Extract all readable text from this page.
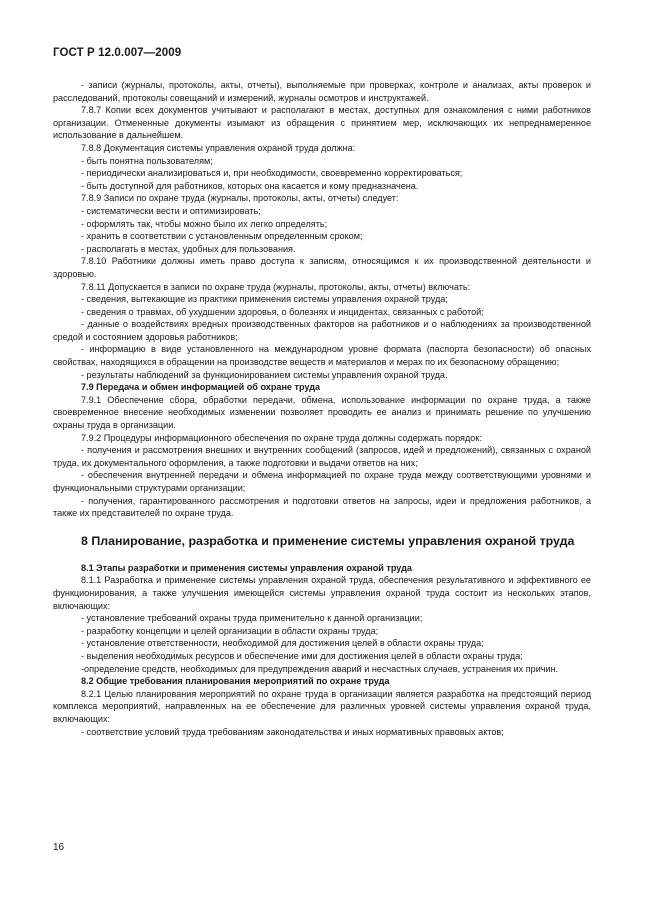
ГОСТ Р 12.0.007—2009

- записи (журналы, протоколы, акты, отчеты), выполняемые при проверках, контроле и анализах, акты проверок и расследований, протоколы совещаний и измерений, журналы осмотров и инструктажей.

7.8.7 Копии всех документов учитывают и располагают в местах, доступных для ознакомления с ними работников организации. Отмененные документы изымают из обращения с принятием мер, исключающих их непреднамеренное использование в дальнейшем.

7.8.8 Документация системы управления охраной труда должна:

- быть понятна пользователям;

- периодически анализироваться и, при необходимости, своевременно корректироваться;

- быть доступной для работников, которых она касается и кому предназначена.

7.8.9 Записи по охране труда (журналы, протоколы, акты, отчеты) следует:

- систематически вести и оптимизировать;

- оформлять так, чтобы можно было их легко определять;

- хранить в соответствии с установленным определенным сроком;

- располагать в местах, удобных для пользования.

7.8.10 Работники должны иметь право доступа к записям, относящимся к их производственной деятельности и здоровью.

7.8.11 Допускается в записи по охране труда (журналы, протоколы, акты, отчеты) включать:

- сведения, вытекающие из практики применения системы управления охраной труда;

- сведения о травмах, об ухудшении здоровья, о болезнях и инцидентах, связанных с работой;

- данные о воздействиях вредных производственных факторов на работников и о наблюдениях за производственной средой и состоянием здоровья работников;

- информацию в виде установленного на международном уровне формата (паспорта безопасности) об опасных свойствах, находящихся в обращении на производстве веществ и материалов и мерах по их безопасному обращению;

- результаты наблюдений за функционированием системы управления охраной труда.

7.9 Передача и обмен информацией об охране труда

7.9.1 Обеспечение сбора, обработки передачи, обмена, использование информации по охране труда, а также своевременное внесение необходимых изменении позволяет проводить ее анализ и принимать решение по улучшению охраны труда в организации.

7.9.2 Процедуры информационного обеспечения по охране труда должны содержать порядок:

- получения и рассмотрения внешних и внутренних сообщений (запросов, идей и предложений), связанных с охраной труда, их документального оформления, а также подготовки и выдачи ответов на них;

- обеспечения внутренней передачи и обмена информацией по охране труда между соответствующими уровнями и функциональными структурами организации;

- получения, гарантированного рассмотрения и подготовки ответов на запросы, идеи и предложения работников, а также их представителей по охране труда.

8 Планирование, разработка и применение системы управления охраной труда

8.1 Этапы разработки и применения системы управления охраной труда

8.1.1 Разработка и применение системы управления охраной труда, обеспечения результативного и эффективного ее функционирования, а также улучшения имеющейся системы управления охраной труда состоит из нескольких этапов, включающих:

- установление требований охраны труда применительно к данной организации;

- разработку концепции и целей организации в области охраны труда;

- установление ответственности, необходимой для достижения целей в области охраны труда;

- выделения необходимых ресурсов и обеспечение ими для достижения целей в области охраны труда;

-определение средств, необходимых для предупреждения аварий и несчастных случаев, устранения их причин.

8.2 Общие требования планирования мероприятий по охране труда

8.2.1 Целью планирования мероприятий по охране труда в организации является разработка на предстоящий период комплекса мероприятий, направленных на ее обеспечение для различных уровней системы управления охраной труда, включающих:

- соответствие условий труда требованиям законодательства и иных нормативных правовых актов;

16
